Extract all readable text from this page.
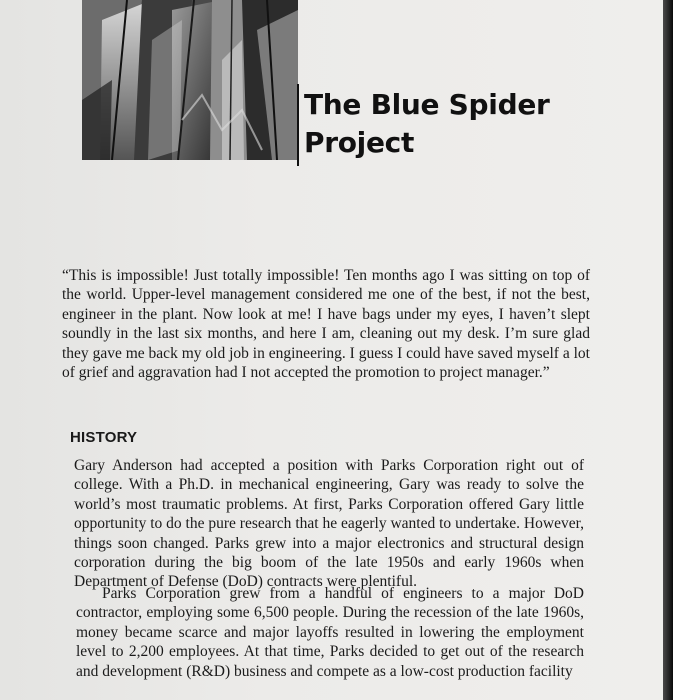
The Blue Spider
Project

“This is impossible! Just totally impossible! Ten months ago I was sitting on top of the world. Upper-level management considered me one of the best, if not the best, engineer in the plant. Now look at me! I have bags under my eyes, I haven’t slept soundly in the last six months, and here I am, cleaning out my desk. I’m sure glad they gave me back my old job in engineering. I guess I could have saved myself a lot of grief and aggravation had I not accepted the promotion to project manager.”

HISTORY

Gary Anderson had accepted a position with Parks Corporation right out of college. With a Ph.D. in mechanical engineering, Gary was ready to solve the world’s most traumatic problems. At first, Parks Corporation offered Gary little opportunity to do the pure research that he eagerly wanted to undertake. However, things soon changed. Parks grew into a major electronics and structural design corporation during the big boom of the late 1950s and early 1960s when Department of Defense (DoD) contracts were plentiful.

Parks Corporation grew from a handful of engineers to a major DoD contractor, employing some 6,500 people. During the recession of the late 1960s, money became scarce and major layoffs resulted in lowering the employment level to 2,200 employees. At that time, Parks decided to get out of the research and development (R&D) business and compete as a low-cost production facility
